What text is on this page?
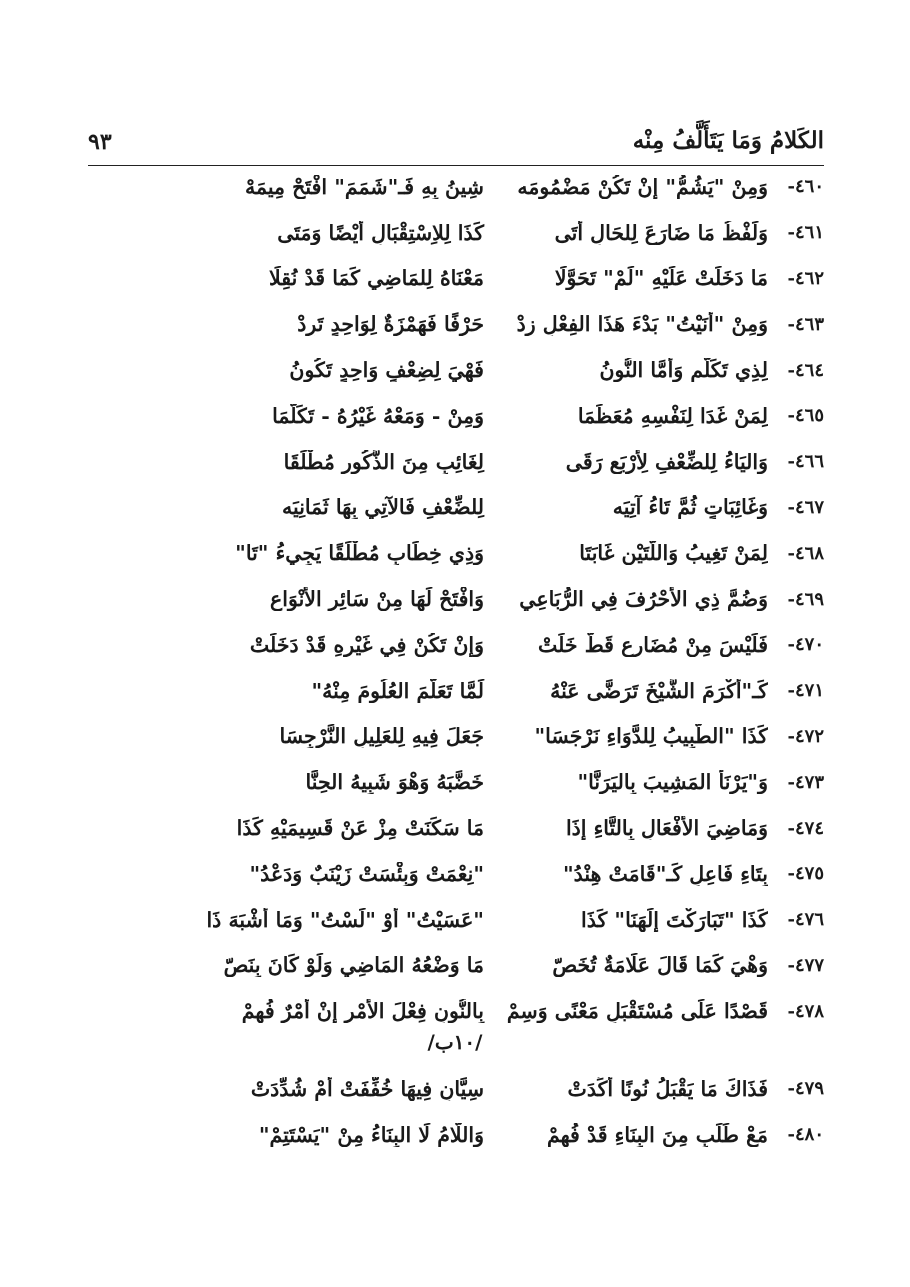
الكَلامُ وَمَا يَتَأَلَّفُ مِنْه
٩٣
٤٦٠-
وَمِنْ "يَشُمُّ" إِنْ تَكُنْ مَضْمُومَه
شِينُ بِهِ فَـ"شَمَمَ" افْتَحْ مِيمَهْ
٤٦١-
وَلَفْظُ مَا ضَارَعَ لِلحَالِ أَتَى
كَذَا لِلاِسْتِقْبَالِ أَيْضًا وَمَتَى
٤٦٢-
مَا دَخَلَتْ عَلَيْهِ "لَمْ" تَحَوَّلَا
مَعْنَاهُ لِلمَاضِي كَمَا قَدْ نُقِلَا
٤٦٣-
وَمِنْ "أَنَيْتُ" بَدْءَ هَذَا الفِعْلِ زِدْ
حَرْفًا فَهَمْزَةٌ لِوَاحِدٍ تَرِدْ
٤٦٤-
لِذِي تَكَلُّمٍ وَأَمَّا النُّونُ
فَهْيَ لِضِعْفٍ وَاحِدٍ تَكُونُ
٤٦٥-
لِمَنْ غَدَا لِنَفْسِهِ مُعَظِّمَا
وَمِنْ - وَمَعْهُ غَيْرُهُ - تَكَلَّمَا
٤٦٦-
وَاليَاءُ لِلضِّعْفِ لِأَرْبَعٍ رَقَى
لِغَائِبٍ مِنَ الذُّكُورِ مُطْلَقَا
٤٦٧-
وَغَائِبَاتٍ ثُمَّ تَاءُ آتِيَه
لِلضِّعْفِ فَالآتِي بِهَا ثَمَانِيَه
٤٦٨-
لِمَنْ تَغِيبُ وَاللَّتَيْنِ غَابَتَا
وَذِي خِطَابٍ مُطْلَقًا يَجِيءُ "تَا"
٤٦٩-
وَضُمَّ ذِي الأَحْرُفَ فِي الرُّبَاعِي
وَافْتَحْ لَهَا مِنْ سَائِرِ الأَنْوَاعِ
٤٧٠-
فَلَيْسَ مِنْ مُضَارِعٍ قَطُّ خَلَتْ
وَإِنْ تَكُنْ فِي غَيْرِهِ قَدْ دَخَلَتْ
٤٧١-
كَـ"أَكْرَمَ الشَّيْخَ تَرَضَّى عَنْهُ
لَمَّا تَعَلَّمَ العُلُومَ مِنْهُ"
٤٧٢-
كَذَا "الطَّبِيبُ لِلدَّوَاءِ نَرْجَسَا"
جَعَلَ فِيهِ لِلعَلِيلِ النَّرْجِسَا
٤٧٣-
وَ"يَرْنَأُ المَشِيبَ بِاليَرَنَّا"
خَضَّبَهُ وَهْوَ شَبِيهُ الحِنَّا
٤٧٤-
وَمَاضِيَ الأَفْعَالِ بِالتَّاءِ إِذَا
مَا سَكَنَتْ مِزْ عَنْ قَسِيمَيْهِ كَذَا
٤٧٥-
بِتَاءِ فَاعِلٍ كَـ"قَامَتْ هِنْدُ"
"نِعْمَتْ وَبِئْسَتْ زَيْنَبٌ وَدَعْدُ"
٤٧٦-
كَذَا "تَبَارَكْتَ إِلَهَنَا" كَذَا
"عَسَيْتُ" أَوْ "لَسْتُ" وَمَا أَشْبَهَ ذَا
٤٧٧-
وَهْيَ كَمَا قَالَ عَلَامَةٌ تُخَصّ
مَا وَضْعُهُ المَاضِي وَلَوْ كَانَ بِنَصّ
٤٧٨-
قَصْدًا عَلَى مُسْتَقْبَلٍ مَعْنًى وَسِمْ
بِالنُّونِ فِعْلَ الأَمْرِ إِنْ أَمْرٌ فُهِمْ
/١٠ب/
٤٧٩-
فَذَاكَ مَا يَقْبَلُ نُونًا أُكِّدَتْ
سِيَّانِ فِيهَا خُفِّفَتْ أَمْ شُدِّدَتْ
٤٨٠-
مَعْ طَلَبٍ مِنَ البِنَاءِ قَدْ فُهِمْ
وَاللَّامُ لَا البِنَاءُ مِنْ "يَسْتَتِمْ"
